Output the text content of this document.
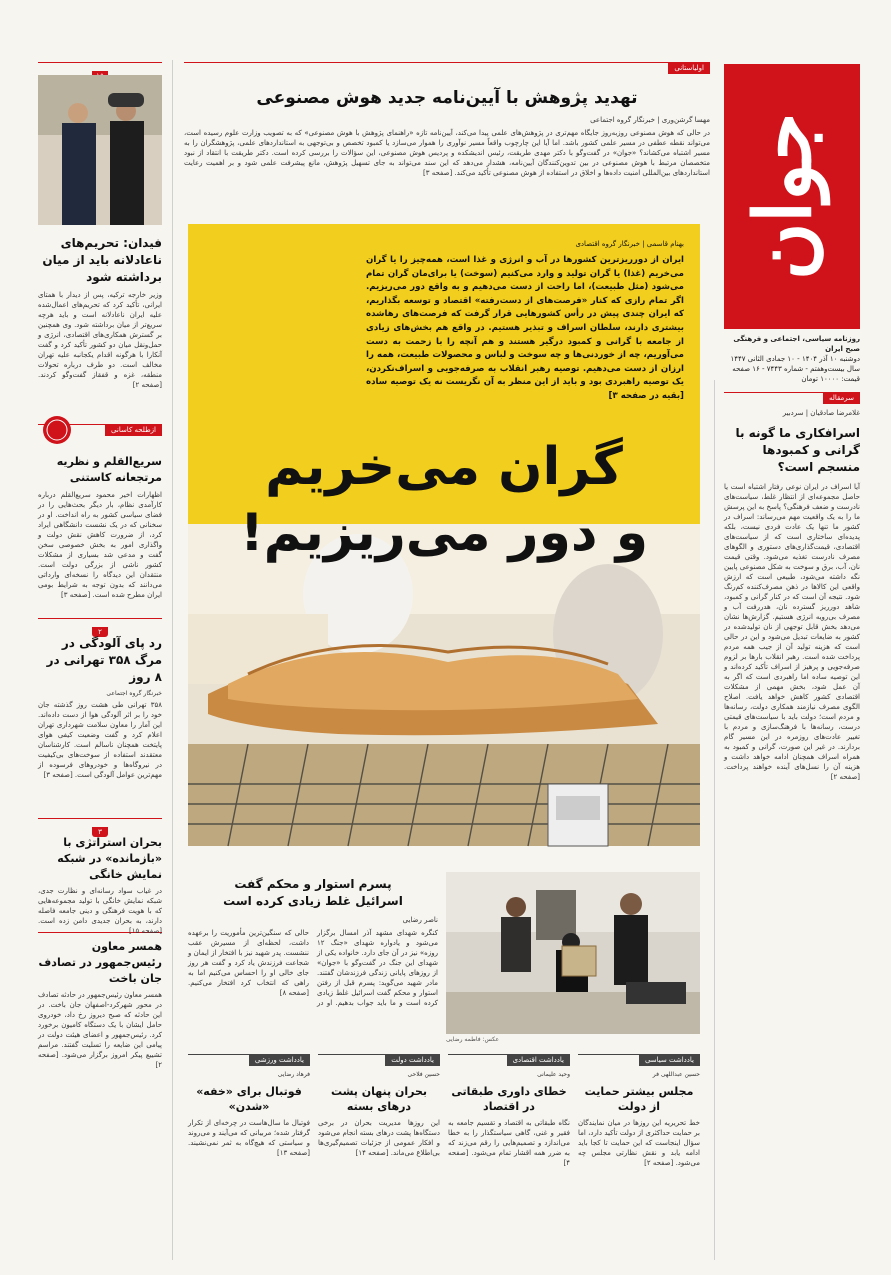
جوان
روزنامه سیاسی، اجتماعی و فرهنگی صبح ایران
دوشنبه ۱۰ آذر ۱۴۰۴ - ۱۰ جمادی الثانی ۱۴۴۷
سال بیست‌وهفتم - شماره ۷۴۴۳ - ۱۶ صفحه
قیمت: ۱۰۰۰۰ تومان
سرمقاله
غلامرضا صادقیان | سردبیر
اسرافکاری ما گونه با گرانی و کمبودها منسجم است؟
آیا اسراف در ایران نوعی رفتار اشتباه است یا حاصل مجموعه‌ای از انتظار غلط، سیاست‌های نادرست و ضعف فرهنگی؟ پاسخ به این پرسش ما را به یک واقعیت مهم می‌رساند: اسراف در کشور ما تنها یک عادت فردی نیست، بلکه پدیده‌ای ساختاری است که از سیاست‌های اقتصادی، قیمت‌گذاری‌های دستوری و الگوهای مصرف نادرست تغذیه می‌شود. وقتی قیمت نان، آب، برق و سوخت به شکل مصنوعی پایین نگه داشته می‌شود، طبیعی است که ارزش واقعی این کالاها در ذهن مصرف‌کننده کم‌رنگ شود. نتیجه آن است که در کنار گرانی و کمبود، شاهد دورریز گسترده نان، هدررفت آب و مصرف بی‌رویه انرژی هستیم. گزارش‌ها نشان می‌دهد بخش قابل توجهی از نان تولیدشده در کشور به ضایعات تبدیل می‌شود و این در حالی است که هزینه تولید آن از جیب همه مردم پرداخت شده است. رهبر انقلاب بارها بر لزوم صرفه‌جویی و پرهیز از اسراف تأکید کرده‌اند و این توصیه ساده اما راهبردی است که اگر به آن عمل شود، بخش مهمی از مشکلات اقتصادی کشور کاهش خواهد یافت. اصلاح الگوی مصرف نیازمند همکاری دولت، رسانه‌ها و مردم است؛ دولت باید با سیاست‌های قیمتی درست، رسانه‌ها با فرهنگ‌سازی و مردم با تغییر عادت‌های روزمره در این مسیر گام بردارند. در غیر این صورت، گرانی و کمبود به همراه اسراف همچنان ادامه خواهد داشت و هزینه آن را نسل‌های آینده خواهند پرداخت. [صفحه ۲]
اولیاستانی
تهدید پژوهش با آیین‌نامه جدید هوش مصنوعی
مهسا گرشن‌وری | خبرنگار گروه اجتماعی
در حالی که هوش مصنوعی روز‌به‌روز جایگاه مهم‌تری در پژوهش‌های علمی پیدا می‌کند، آیین‌نامه تازه «راهنمای پژوهش با هوش مصنوعی» که به تصویب وزارت علوم رسیده است، می‌تواند نقطه عطفی در مسیر علمی کشور باشد. اما آیا این چارچوب واقعاً مسیر نوآوری را هموار می‌سازد یا کمبود تخصص و بی‌توجهی به استانداردهای علمی، پژوهشگران را به مسیر اشتباه می‌کشاند؟ «جوان» در گفت‌وگو با دکتر مهدی طریقت، رئیس اندیشکده و پردیس هوش مصنوعی، این سؤالات را بررسی کرده است. دکتر طریقت با انتقاد از نبود متخصصان مرتبط با هوش مصنوعی در بین تدوین‌کنندگان آیین‌نامه، هشدار می‌دهد که این سند می‌تواند به جای تسهیل پژوهش، مانع پیشرفت علمی شود و بر اهمیت رعایت استانداردهای بین‌المللی امنیت داده‌ها و اخلاق در استفاده از هوش مصنوعی تأکید می‌کند. [صفحه ۳]
گران می‌خریم
و دور می‌ریزیم!
بهنام قاسمی | خبرنگار گروه اقتصادی
ایران از دورریزترین کشورها در آب و انرژی و غذا است، همه‌چیز را یا گران می‌خریم (غذا) یا گران تولید و وارد می‌کنیم (سوخت) یا برای‌مان گران تمام می‌شود (مثل طبیعت)، اما راحت از دست می‌دهیم و به واقع دور می‌ریزیم. اگر تمام رازی که کنار «فرصت‌های از دست‌رفته» اقتصاد و توسعه بگذاریم، که ایران چندی پیش در رأس کشورهایی قرار گرفت که فرصت‌های رهاشده بیشتری دارند، سلطان اسراف و تبذیر هستیم. در واقع هم بخش‌های زیادی از جامعه با گرانی و کمبود درگیر هستند و هم آنچه را با زحمت به دست می‌آوریم، چه از خوردنی‌ها و چه سوخت و لباس و محصولات طبیعت، همه را ارزان از دست می‌دهیم. توصیه رهبر انقلاب به صرفه‌جویی و اسراف‌نکردن، یک توصیه راهبردی بود و باید از این منظر به آن نگریست نه یک توصیه ساده [بقیه در صفحه ۳]
پسرم استوار و محکم گفت
اسرائیل غلط زیادی کرده است
ناصر رضایی
کنگره شهدای مشهد آذر امسال برگزار می‌شود و یادواره شهدای «جنگ ۱۲ روزه» نیز در آن جای دارد. خانواده یکی از شهدای این جنگ در گفت‌وگو با «جوان» از روزهای پایانی زندگی فرزندشان گفتند. مادر شهید می‌گوید: پسرم قبل از رفتن استوار و محکم گفت اسرائیل غلط زیادی کرده است و ما باید جواب بدهیم. او در حالی که سنگین‌ترین مأموریت را برعهده داشت، لحظه‌ای از مسیرش عقب ننشست. پدر شهید نیز با افتخار از ایمان و شجاعت فرزندش یاد کرد و گفت هر روز جای خالی او را احساس می‌کنیم اما به راهی که انتخاب کرد افتخار می‌کنیم. [صفحه ۸]
عکس: فاطمه رضایی
یادداشت سیاسی
حسین عبداللهی فر
مجلس بیشتر حمایت از دولت
خط تحریریه این روزها در میان نمایندگان بر حمایت حداکثری از دولت تأکید دارد، اما سؤال اینجاست که این حمایت تا کجا باید ادامه یابد و نقش نظارتی مجلس چه می‌شود. [صفحه ۲]
یادداشت اقتصادی
وحید علیمانی
خطای داوری طبقاتی در اقتصاد
نگاه طبقاتی به اقتصاد و تقسیم جامعه به فقیر و غنی، گاهی سیاستگذار را به خطا می‌اندازد و تصمیم‌هایی را رقم می‌زند که به ضرر همه اقشار تمام می‌شود. [صفحه ۴]
یادداشت دولت
حسین فلاحی
بحران پنهان پشت درهای بسته
این روزها مدیریت بحران در برخی دستگاه‌ها پشت درهای بسته انجام می‌شود و افکار عمومی از جزئیات تصمیم‌گیری‌ها بی‌اطلاع می‌ماند. [صفحه ۱۴]
یادداشت ورزشی
فرهاد رضایی
فوتبال برای «خفه» «شدن»
فوتبال ما سال‌هاست در چرخه‌ای از تکرار گرفتار شده؛ مربیانی که می‌آیند و می‌روند و سیاستی که هیچ‌گاه به ثمر نمی‌نشیند. [صفحه ۱۳]
فیدان: تحریم‌های ناعادلانه باید از میان برداشته شود
وزیر خارجه ترکیه، پس از دیدار با همتای ایرانی، تأکید کرد که تحریم‌های اعمال‌شده علیه ایران ناعادلانه است و باید هرچه سریع‌تر از میان برداشته شود. وی همچنین بر گسترش همکاری‌های اقتصادی، انرژی و حمل‌ونقل میان دو کشور تأکید کرد و گفت آنکارا با هرگونه اقدام یکجانبه علیه تهران مخالف است. دو طرف درباره تحولات منطقه، غزه و قفقاز گفت‌وگو کردند. [صفحه ۲]
ازطلحه کاسانی
سریع‌القلم و نظریه مرتجعانه کاستنی
اظهارات اخیر محمود سریع‌القلم درباره کارآمدی نظام، بار دیگر بحث‌هایی را در فضای سیاسی کشور به راه انداخت. او در سخنانی که در یک نشست دانشگاهی ایراد کرد، از ضرورت کاهش نقش دولت و واگذاری امور به بخش خصوصی سخن گفت و مدعی شد بسیاری از مشکلات کشور ناشی از بزرگی دولت است. منتقدان این دیدگاه را نسخه‌ای وارداتی می‌دانند که بدون توجه به شرایط بومی ایران مطرح شده است. [صفحه ۳]
۲
رد پای آلودگی در مرگ ۳۵۸ تهرانی در ۸ روز
خبرنگار گروه اجتماعی
۳۵۸ تهرانی طی هشت روز گذشته جان خود را بر اثر آلودگی هوا از دست داده‌اند. این آمار را معاون سلامت شهرداری تهران اعلام کرد و گفت وضعیت کیفی هوای پایتخت همچنان ناسالم است. کارشناسان معتقدند استفاده از سوخت‌های بی‌کیفیت در نیروگاه‌ها و خودروهای فرسوده از مهم‌ترین عوامل آلودگی است. [صفحه ۳]
۳
بحران استراتژی با «بازمانده» در شبکه نمایش خانگی
در غیاب سواد رسانه‌ای و نظارت جدی، شبکه نمایش خانگی با تولید مجموعه‌هایی که با هویت فرهنگی و دینی جامعه فاصله دارند، به بحران جدیدی دامن زده است. [صفحه ۱۵]
همسر معاون رئیس‌جمهور در تصادف جان باخت
همسر معاون رئیس‌جمهور در حادثه تصادف در محور شهرکرد-اصفهان جان باخت. در این حادثه که صبح دیروز رخ داد، خودروی حامل ایشان با یک دستگاه کامیون برخورد کرد. رئیس‌جمهور و اعضای هیئت دولت در پیامی این ضایعه را تسلیت گفتند. مراسم تشییع پیکر امروز برگزار می‌شود. [صفحه ۲]
